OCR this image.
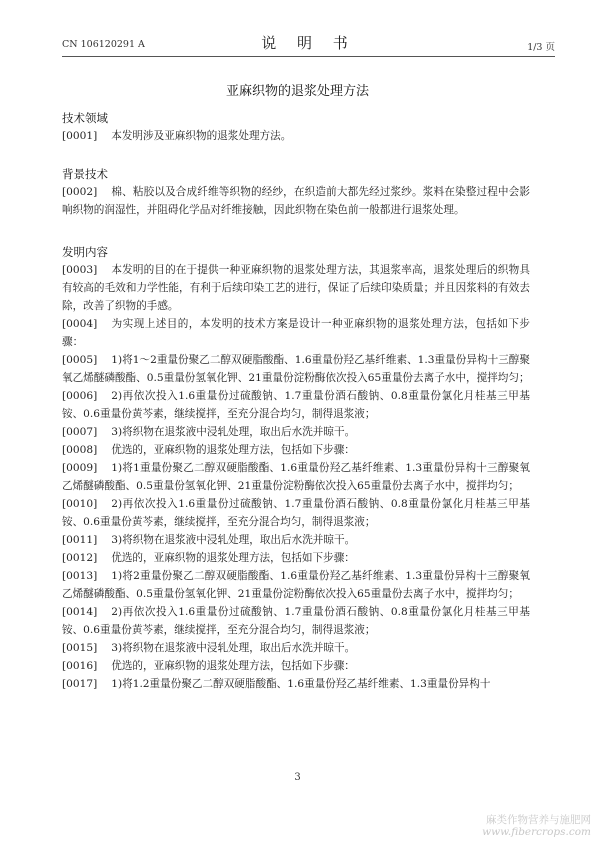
CN 106120291 A	说 明 书	1/3 页
亚麻织物的退浆处理方法

技术领域

[0001] 本发明涉及亚麻织物的退浆处理方法。

背景技术

[0002] 棉、粘胶以及合成纤维等织物的经纱，在织造前大都先经过浆纱。浆料在染整过程中会影响织物的润湿性，并阻碍化学品对纤维接触，因此织物在染色前一般都进行退浆处理。

发明内容

[0003] 本发明的目的在于提供一种亚麻织物的退浆处理方法，其退浆率高，退浆处理后的织物具有较高的毛效和力学性能，有利于后续印染工艺的进行，保证了后续印染质量；并且因浆料的有效去除，改善了织物的手感。

[0004] 为实现上述目的，本发明的技术方案是设计一种亚麻织物的退浆处理方法，包括如下步骤：

[0005] 1)将1～2重量份聚乙二醇双硬脂酸酯、1.6重量份羟乙基纤维素、1.3重量份异构十三醇聚氧乙烯醚磷酸酯、0.5重量份氢氧化钾、21重量份淀粉酶依次投入65重量份去离子水中，搅拌均匀；

[0006] 2)再依次投入1.6重量份过硫酸钠、1.7重量份酒石酸钠、0.8重量份氯化月桂基三甲基铵、0.6重量份黄芩素，继续搅拌，至充分混合均匀，制得退浆液；

[0007] 3)将织物在退浆液中浸轧处理，取出后水洗并晾干。

[0008] 优选的，亚麻织物的退浆处理方法，包括如下步骤：

[0009] 1)将1重量份聚乙二醇双硬脂酸酯、1.6重量份羟乙基纤维素、1.3重量份异构十三醇聚氧乙烯醚磷酸酯、0.5重量份氢氧化钾、21重量份淀粉酶依次投入65重量份去离子水中，搅拌均匀；

[0010] 2)再依次投入1.6重量份过硫酸钠、1.7重量份酒石酸钠、0.8重量份氯化月桂基三甲基铵、0.6重量份黄芩素，继续搅拌，至充分混合均匀，制得退浆液；

[0011] 3)将织物在退浆液中浸轧处理，取出后水洗并晾干。

[0012] 优选的，亚麻织物的退浆处理方法，包括如下步骤：

[0013] 1)将2重量份聚乙二醇双硬脂酸酯、1.6重量份羟乙基纤维素、1.3重量份异构十三醇聚氧乙烯醚磷酸酯、0.5重量份氢氧化钾、21重量份淀粉酶依次投入65重量份去离子水中，搅拌均匀；

[0014] 2)再依次投入1.6重量份过硫酸钠、1.7重量份酒石酸钠、0.8重量份氯化月桂基三甲基铵、0.6重量份黄芩素，继续搅拌，至充分混合均匀，制得退浆液；

[0015] 3)将织物在退浆液中浸轧处理，取出后水洗并晾干。

[0016] 优选的，亚麻织物的退浆处理方法，包括如下步骤：

[0017] 1)将1.2重量份聚乙二醇双硬脂酸酯、1.6重量份羟乙基纤维素、1.3重量份异构十

3
麻类作物营养与施肥网
www.fibercrops.com
